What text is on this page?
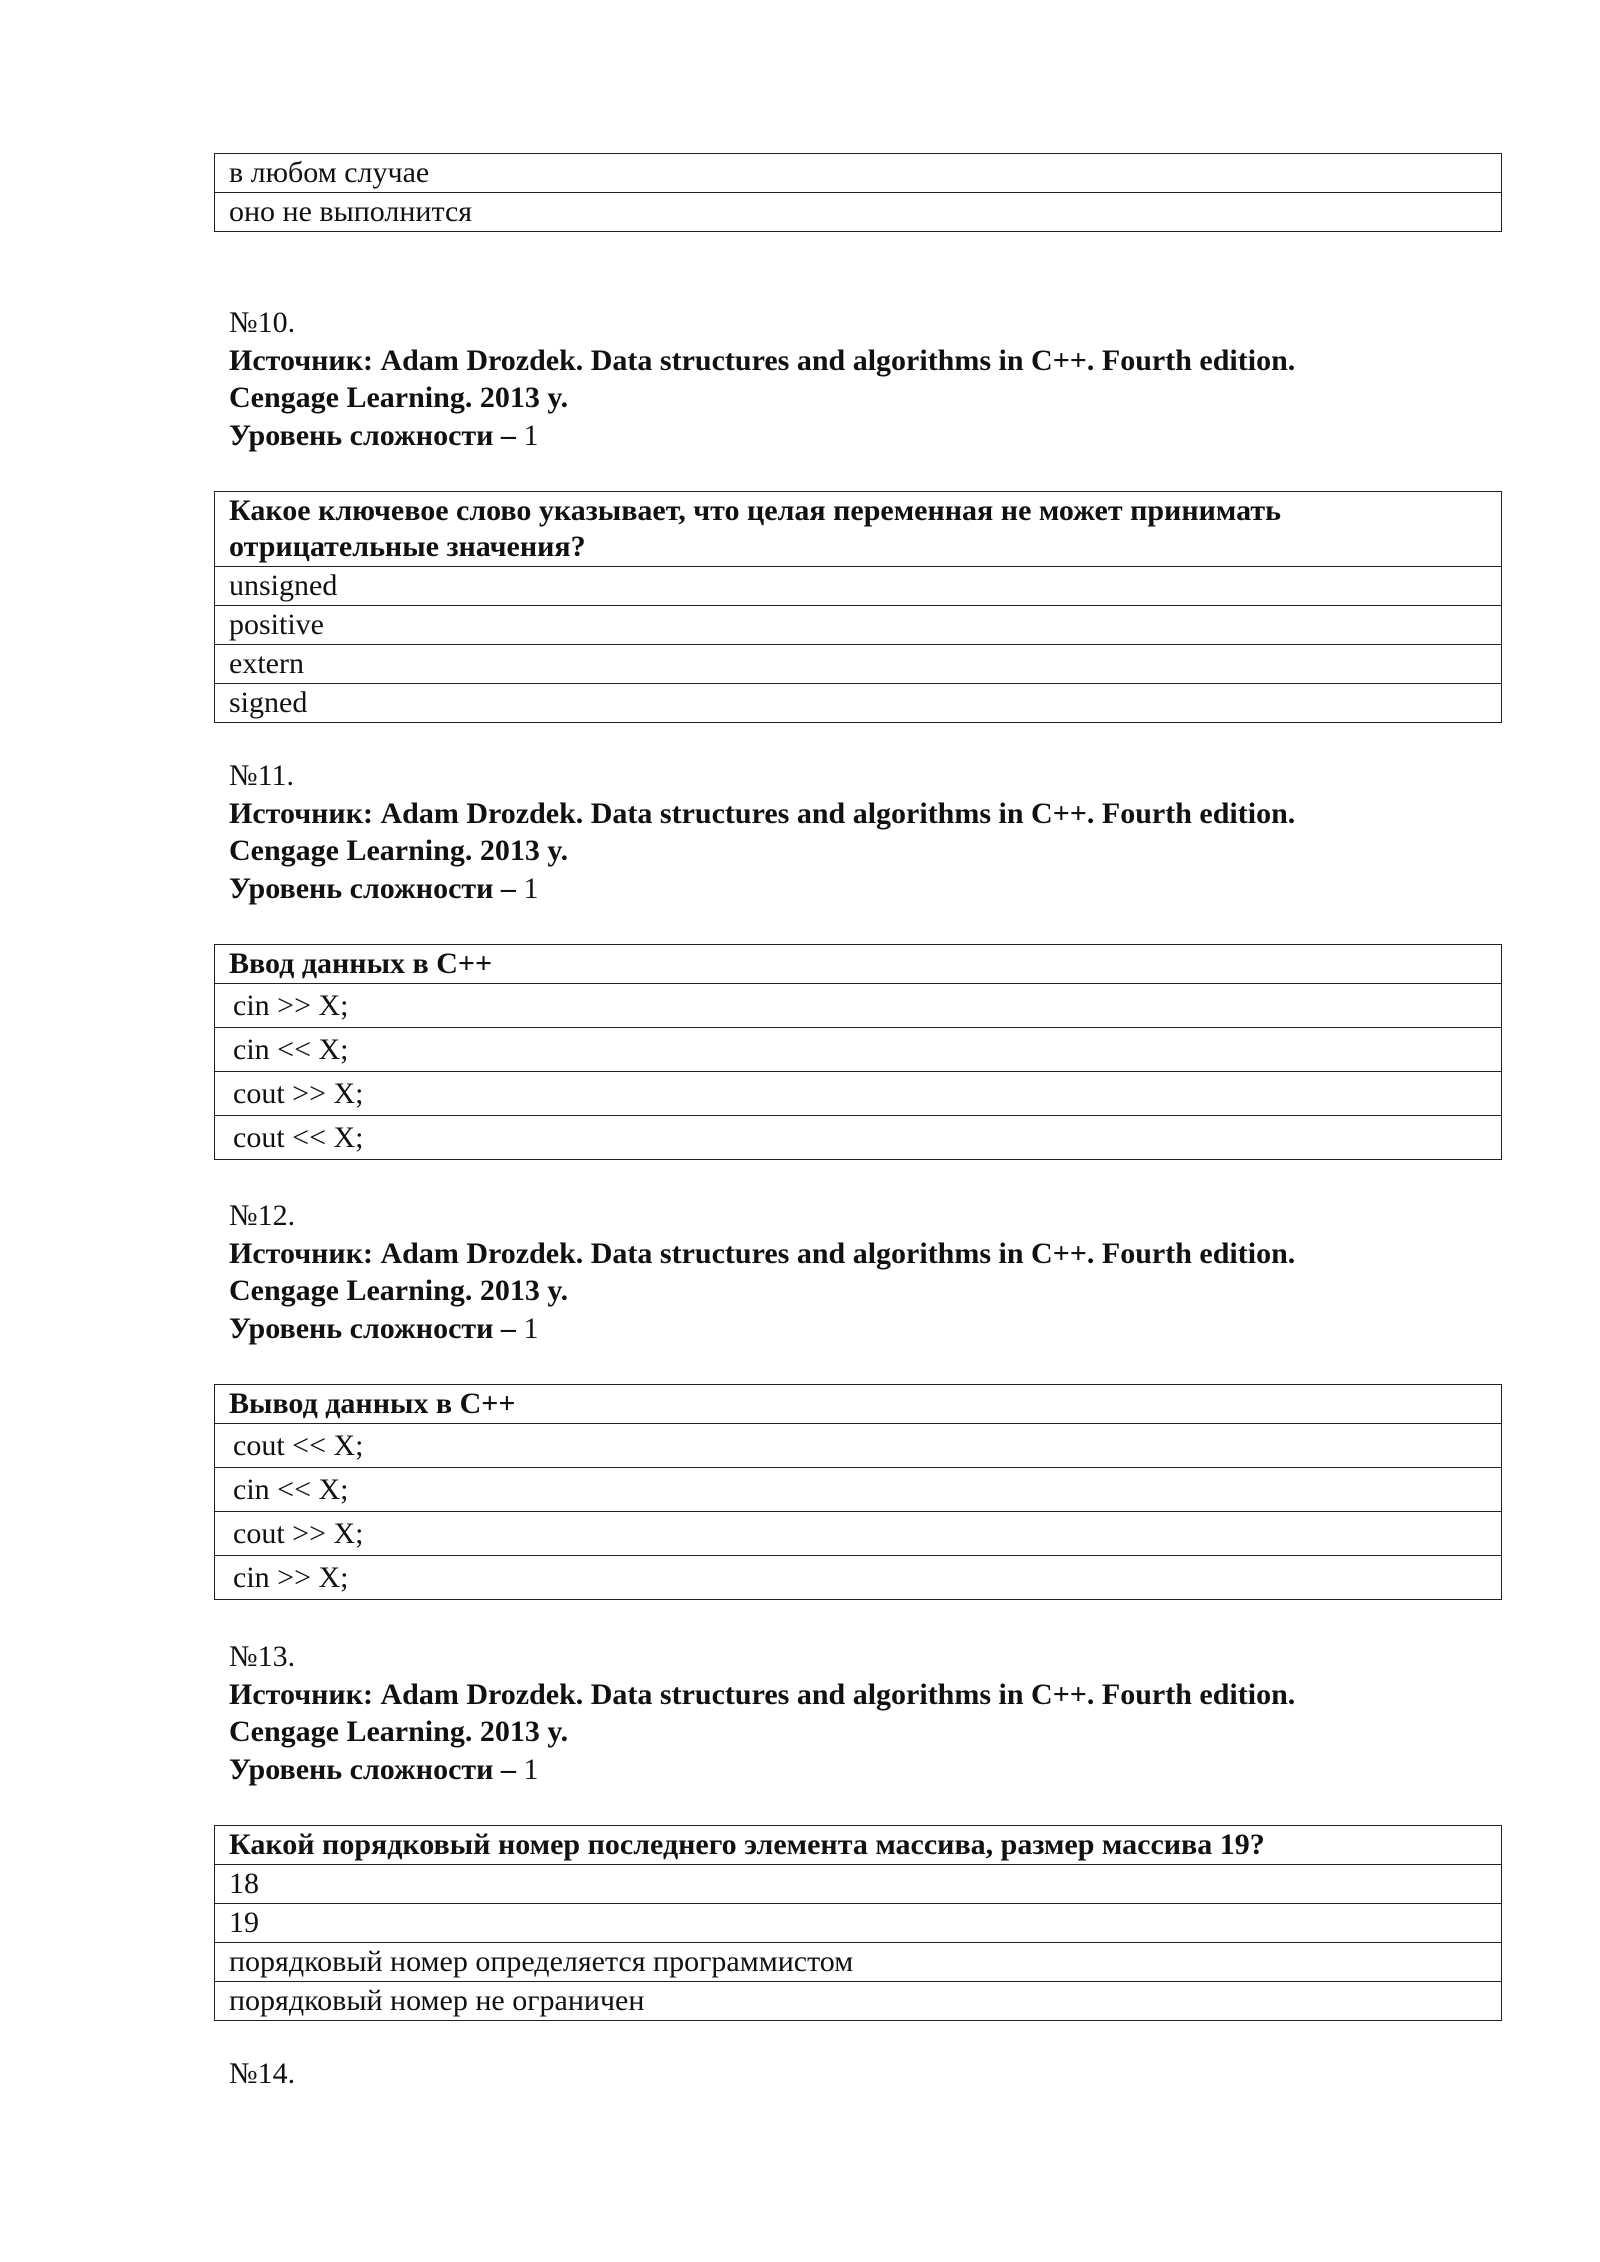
в любом случае
оно не выполнится
№10.
Источник: Adam Drozdek. Data structures and algorithms in C++. Fourth edition.
Cengage Learning. 2013 y.
Уровень сложности – 1
Какое ключевое слово указывает, что целая переменная не может принимать отрицательные значения?
unsigned
positive
extern
signed
№11.
Источник: Adam Drozdek. Data structures and algorithms in C++. Fourth edition.
Cengage Learning. 2013 y.
Уровень сложности – 1
Ввод данных в C++
cin >> X;
cin << X;
cout >> X;
cout << X;
№12.
Источник: Adam Drozdek. Data structures and algorithms in C++. Fourth edition.
Cengage Learning. 2013 y.
Уровень сложности – 1
Вывод данных в C++
cout << X;
cin << X;
cout >> X;
cin >> X;
№13.
Источник: Adam Drozdek. Data structures and algorithms in C++. Fourth edition.
Cengage Learning. 2013 y.
Уровень сложности – 1
Какой порядковый номер последнего элемента массива, размер массива 19?
18
19
порядковый номер определяется программистом
порядковый номер не ограничен
№14.
